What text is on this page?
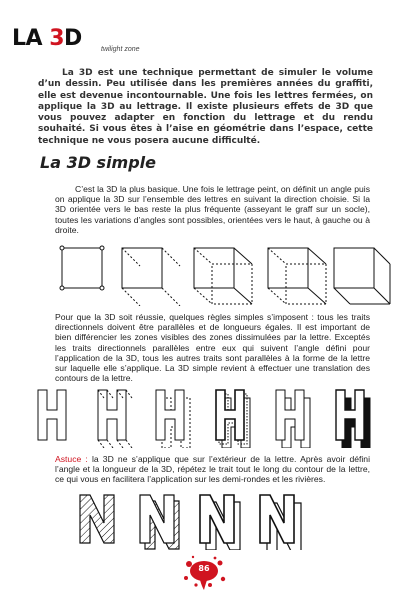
LA 3D	twilight zone

La 3D est une technique permettant de simuler le volume d’un dessin. Peu utilisée dans les premières années du graffiti, elle est devenue incontournable. Une fois les lettres fermées, on applique la 3D au lettrage. Il existe plusieurs effets de 3D que vous pouvez adapter en fonction du lettrage et du rendu souhaité. Si vous êtes à l’aise en géométrie dans l’espace, cette technique ne vous posera aucune difficulté.

La 3D simple

C’est la 3D la plus basique. Une fois le lettrage peint, on définit un angle puis on applique la 3D sur l’ensemble des lettres en suivant la direction choisie. Si la 3D orientée vers le bas reste la plus fréquente (asseyant le graff sur un socle), toutes les variations d’angles sont possibles, orientées vers le haut, à gauche ou à droite.

Pour que la 3D soit réussie, quelques règles simples s’imposent : tous les traits directionnels doivent être parallèles et de longueurs égales. Il est important de bien différencier les zones visibles des zones dissimulées par la lettre. Exceptés les traits directionnels parallèles entre eux qui suivent l’angle défini pour l’application de la 3D, tous les autres traits sont parallèles à la forme de la lettre sur laquelle elle s’applique. La 3D simple revient à effectuer une translation des contours de la lettre.

Astuce : la 3D ne s’applique que sur l’extérieur de la lettre. Après avoir défini l’angle et la longueur de la 3D, répétez le trait tout le long du contour de la lettre, ce qui vous en facilitera l’application sur les demi-rondes et les rivières.

86
